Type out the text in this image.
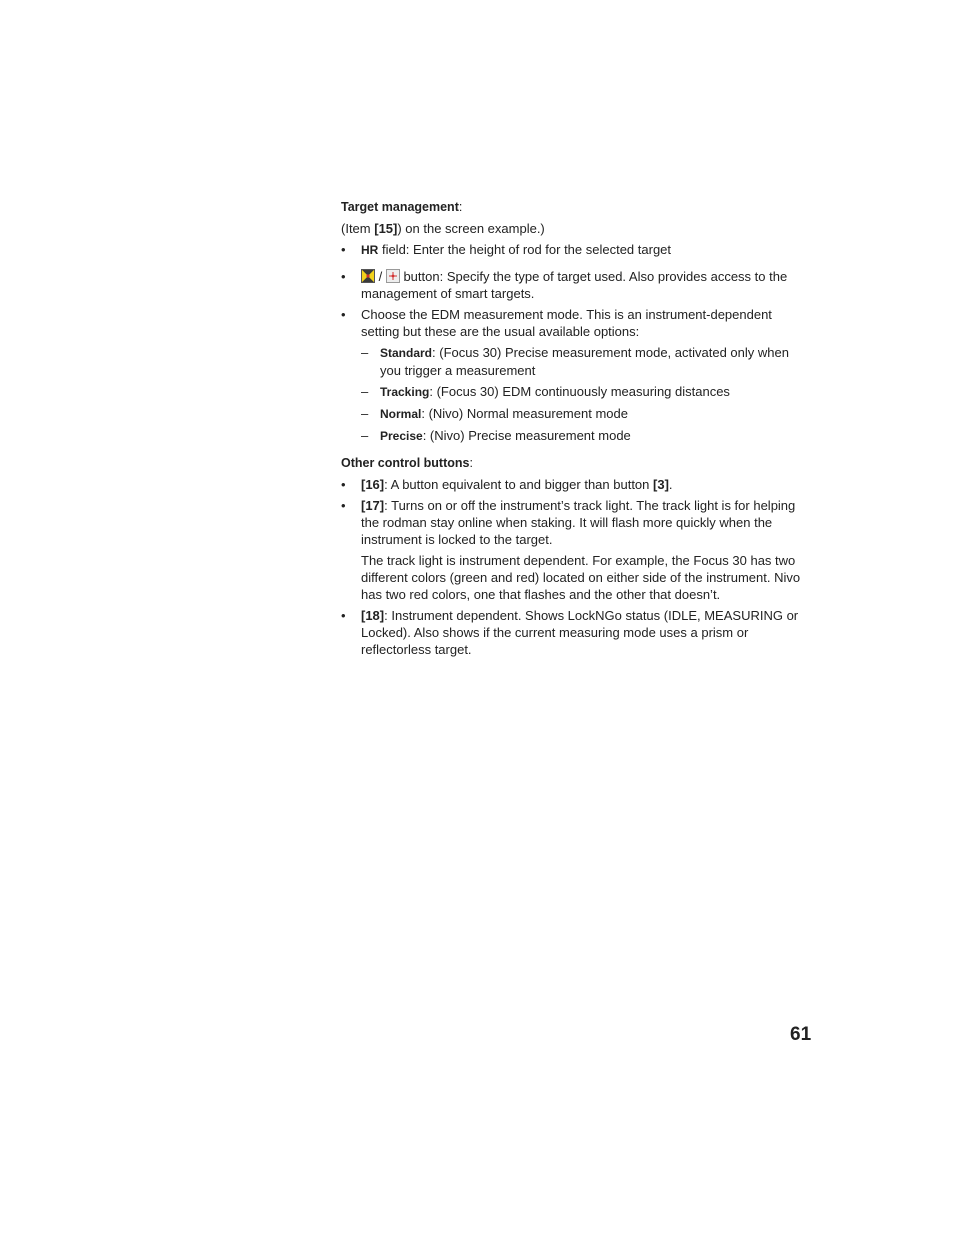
Target management:
(Item [15]) on the screen example.)
•	HR field: Enter the height of rod for the selected target
•	/  button: Specify the type of target used. Also provides access to the management of smart targets.
•	Choose the EDM measurement mode. This is an instrument-dependent setting but these are the usual available options:
– Standard: (Focus 30) Precise measurement mode, activated only when you trigger a measurement
– Tracking: (Focus 30) EDM continuously measuring distances
– Normal: (Nivo) Normal measurement mode
– Precise: (Nivo) Precise measurement mode
Other control buttons:
•	[16]: A button equivalent to and bigger than button [3].
•	[17]: Turns on or off the instrument’s track light. The track light is for helping the rodman stay online when staking. It will flash more quickly when the instrument is locked to the target.
The track light is instrument dependent. For example, the Focus 30 has two different colors (green and red) located on either side of the instrument. Nivo has two red colors, one that flashes and the other that doesn’t.
•	[18]: Instrument dependent. Shows LockNGo status (IDLE, MEASURING or Locked). Also shows if the current measuring mode uses a prism or reflectorless target.
61
